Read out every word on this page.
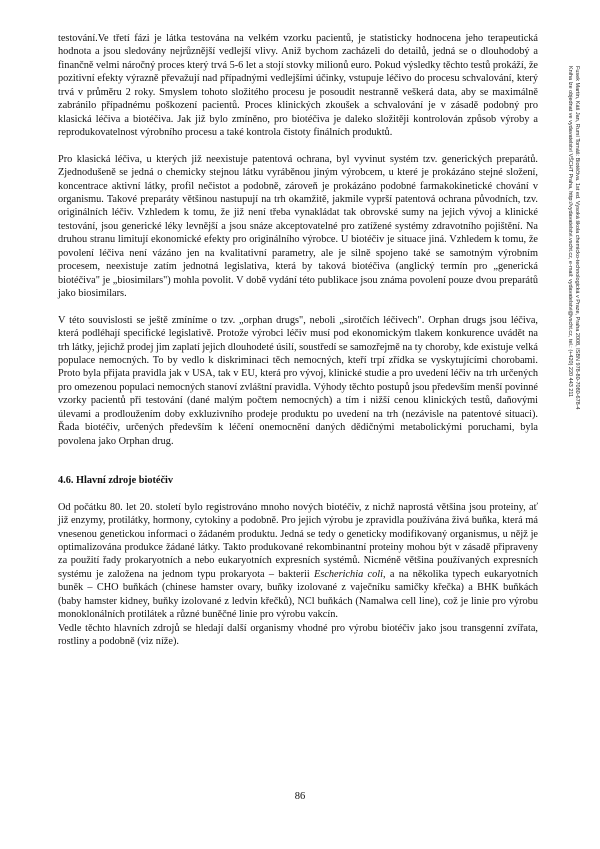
Fusek Martin, Káš Jan, Rumí Tomáš: Biotéčiva. 1st ed. Vysoká škola chemicko-technologická v Praze, Praha 2008, ISBN 978-80-7080-678-4
Kniha lze objednat ve vydavatelství VŠCHT Praha, http://vydavatelstvi.vscht.cz, e-mail: vydavatelstvi@vscht.cz, tel.: (+420) 220 443 211

testování.Ve třetí fázi je látka testována na velkém vzorku pacientů, je statisticky hodnocena jeho terapeutická hodnota a jsou sledovány nejrůznější vedlejší vlivy. Aniž bychom zacházeli do detailů, jedná se o dlouhodobý a finančně velmi náročný proces který trvá 5-6 let a stojí stovky milionů euro. Pokud výsledky těchto testů prokáží, že pozitivní efekty výrazně převažují nad případnými vedlejšími účinky, vstupuje léčivo do procesu schvalování, který trvá v průměru 2 roky. Smyslem tohoto složitého procesu je posoudit nestranně veškerá data, aby se maximálně zabránilo případnému poškození pacientů. Proces klinických zkoušek a schvalování je v zásadě podobný pro klasická léčiva a biotéčiva. Jak již bylo zmíněno, pro biotéčiva je daleko složitěji kontrolován způsob výroby a reprodukovatelnost výrobního procesu a také kontrola čistoty finálních produktů.

Pro klasická léčiva, u kterých již neexistuje patentová ochrana, byl vyvinut systém tzv. generických preparátů. Zjednodušeně se jedná o chemicky stejnou látku vyráběnou jiným výrobcem, u které je prokázáno stejné složení, koncentrace aktivní látky, profil nečistot a podobně, zároveň je prokázáno podobné farmakokinetické chování v organismu. Takové preparáty většinou nastupují na trh okamžitě, jakmile vyprší patentová ochrana původních, tzv. originálních léčiv. Vzhledem k tomu, že již není třeba vynakládat tak obrovské sumy na jejich vývoj a klinické testování, jsou generické léky levnější a jsou snáze akceptovatelné pro zatížené systémy zdravotního pojištění. Na druhou stranu limitují ekonomické efekty pro originálního výrobce. U biotéčiv je situace jiná. Vzhledem k tomu, že povolení léčiva není vázáno jen na kvalitativní parametry, ale je silně spojeno také se samotným výrobním procesem, neexistuje zatím jednotná legislativa, která by taková biotéčiva (anglický termín pro „generická biotéčiva" je „biosimilars") mohla povolit. V době vydání této publikace jsou známa povolení pouze dvou preparátů jako biosimilars.

V této souvislosti se ještě zmíníme o tzv. „orphan drugs", neboli „sirotčích léčivech". Orphan drugs jsou léčiva, která podléhají specifické legislativě. Protože výrobci léčiv musí pod ekonomickým tlakem konkurence uvádět na trh látky, jejichž prodej jim zaplatí jejich dlouhodeté úsilí, soustředí se samozřejmě na ty choroby, kde existuje velká populace nemocných. To by vedlo k diskriminaci těch nemocných, kteří trpí zřídka se vyskytujícími chorobami. Proto byla přijata pravidla jak v USA, tak v EU, která pro vývoj, klinické studie a pro uvedení léčiv na trh určených pro omezenou populaci nemocných stanoví zvláštní pravidla. Výhody těchto postupů jsou především menší povinné vzorky pacientů při testování (dané malým počtem nemocných) a tím i nižší cenou klinických testů, daňovými úlevami a prodloužením doby exkluzivního prodeje produktu po uvedení na trh (nezávisle na patentové situaci). Řada biotéčiv, určených především k léčení onemocnění daných dědičnými metabolickými poruchami, byla povolena jako Orphan drug.

4.6. Hlavní zdroje biotéčiv

Od počátku 80. let 20. století bylo registrováno mnoho nových biotéčiv, z nichž naprostá většina jsou proteiny, ať již enzymy, protilátky, hormony, cytokiny a podobně. Pro jejich výrobu je zpravidla používána živá buňka, která má vnesenou genetickou informaci o žádaném produktu. Jedná se tedy o geneticky modifikovaný organismus, u nějž je optimalizována produkce žádané látky. Takto produkované rekombinantní proteiny mohou být v zásadě připraveny za použití řady prokaryotních a nebo eukaryotních expresních systémů. Nicméně většina používaných expresních systému je založena na jednom typu prokaryota – bakterii Escherichia coli, a na několika typech eukaryotních buněk – CHO buňkách (chinese hamster ovary, buňky izolované z vaječníku samičky křečka) a BHK buňkách (baby hamster kidney, buňky izolované z ledvin křečků), NCl buňkách (Namalwa cell line), což je linie pro výrobu monoklonálních protilátek a různé buněčné linie pro výrobu vakcín.

Vedle těchto hlavních zdrojů se hledají další organismy vhodné pro výrobu biotéčiv jako jsou transgenní zvířata, rostliny a podobně (viz níže).

86
